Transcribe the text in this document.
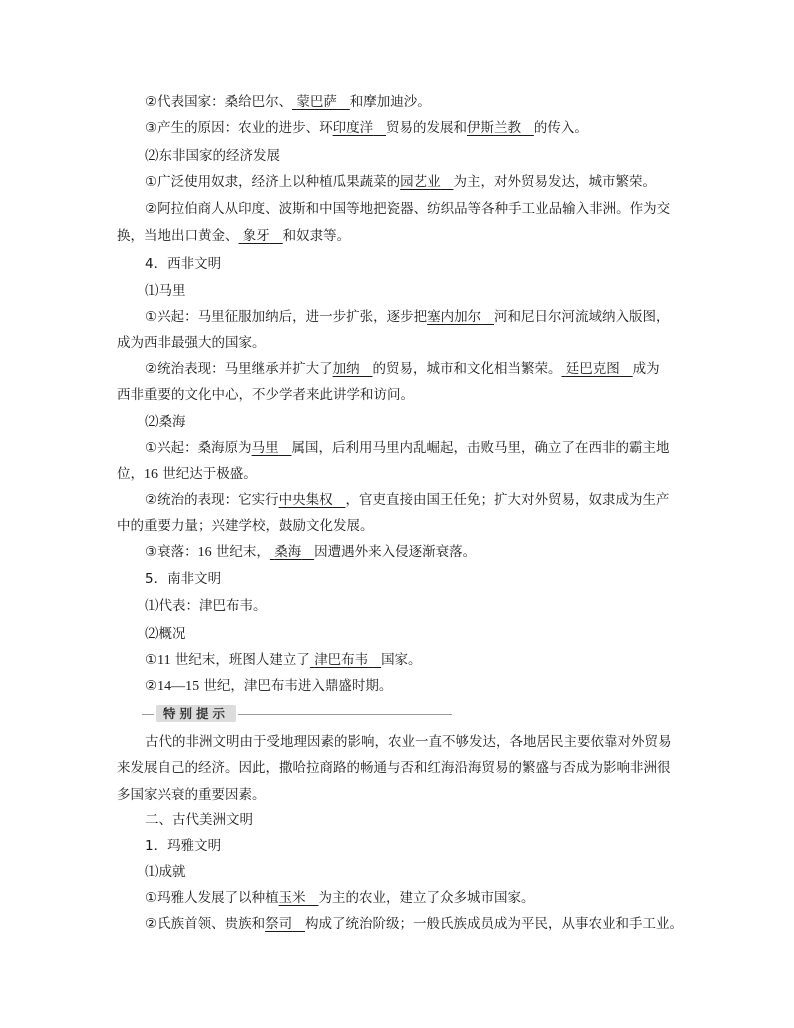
②代表国家：桑给巴尔、 蒙巴萨 和摩加迪沙。
③产生的原因：农业的进步、环印度洋 贸易的发展和伊斯兰教 的传入。
⑵东非国家的经济发展
①广泛使用奴隶，经济上以种植瓜果蔬菜的园艺业 为主，对外贸易发达，城市繁荣。
②阿拉伯商人从印度、波斯和中国等地把瓷器、纺织品等各种手工业品输入非洲。作为交
换，当地出口黄金、 象牙 和奴隶等。
4．西非文明
⑴马里
①兴起：马里征服加纳后，进一步扩张，逐步把塞内加尔 河和尼日尔河流域纳入版图，
成为西非最强大的国家。
②统治表现：马里继承并扩大了加纳 的贸易，城市和文化相当繁荣。 廷巴克图 成为
西非重要的文化中心，不少学者来此讲学和访问。
⑵桑海
①兴起：桑海原为马里 属国，后利用马里内乱崛起，击败马里，确立了在西非的霸主地
位，16 世纪达于极盛。
②统治的表现：它实行中央集权 ，官吏直接由国王任免；扩大对外贸易，奴隶成为生产
中的重要力量；兴建学校，鼓励文化发展。
③衰落：16 世纪末， 桑海 因遭遇外来入侵逐渐衰落。
5．南非文明
⑴代表：津巴布韦。
⑵概况
①11 世纪末，班图人建立了 津巴布韦 国家。
②14—15 世纪，津巴布韦进入鼎盛时期。
特别提示
古代的非洲文明由于受地理因素的影响，农业一直不够发达，各地居民主要依靠对外贸易
来发展自己的经济。因此，撒哈拉商路的畅通与否和红海沿海贸易的繁盛与否成为影响非洲很
多国家兴衰的重要因素。
二、古代美洲文明
1．玛雅文明
⑴成就
①玛雅人发展了以种植玉米 为主的农业，建立了众多城市国家。
②氏族首领、贵族和祭司 构成了统治阶级；一般氏族成员成为平民，从事农业和手工业。
